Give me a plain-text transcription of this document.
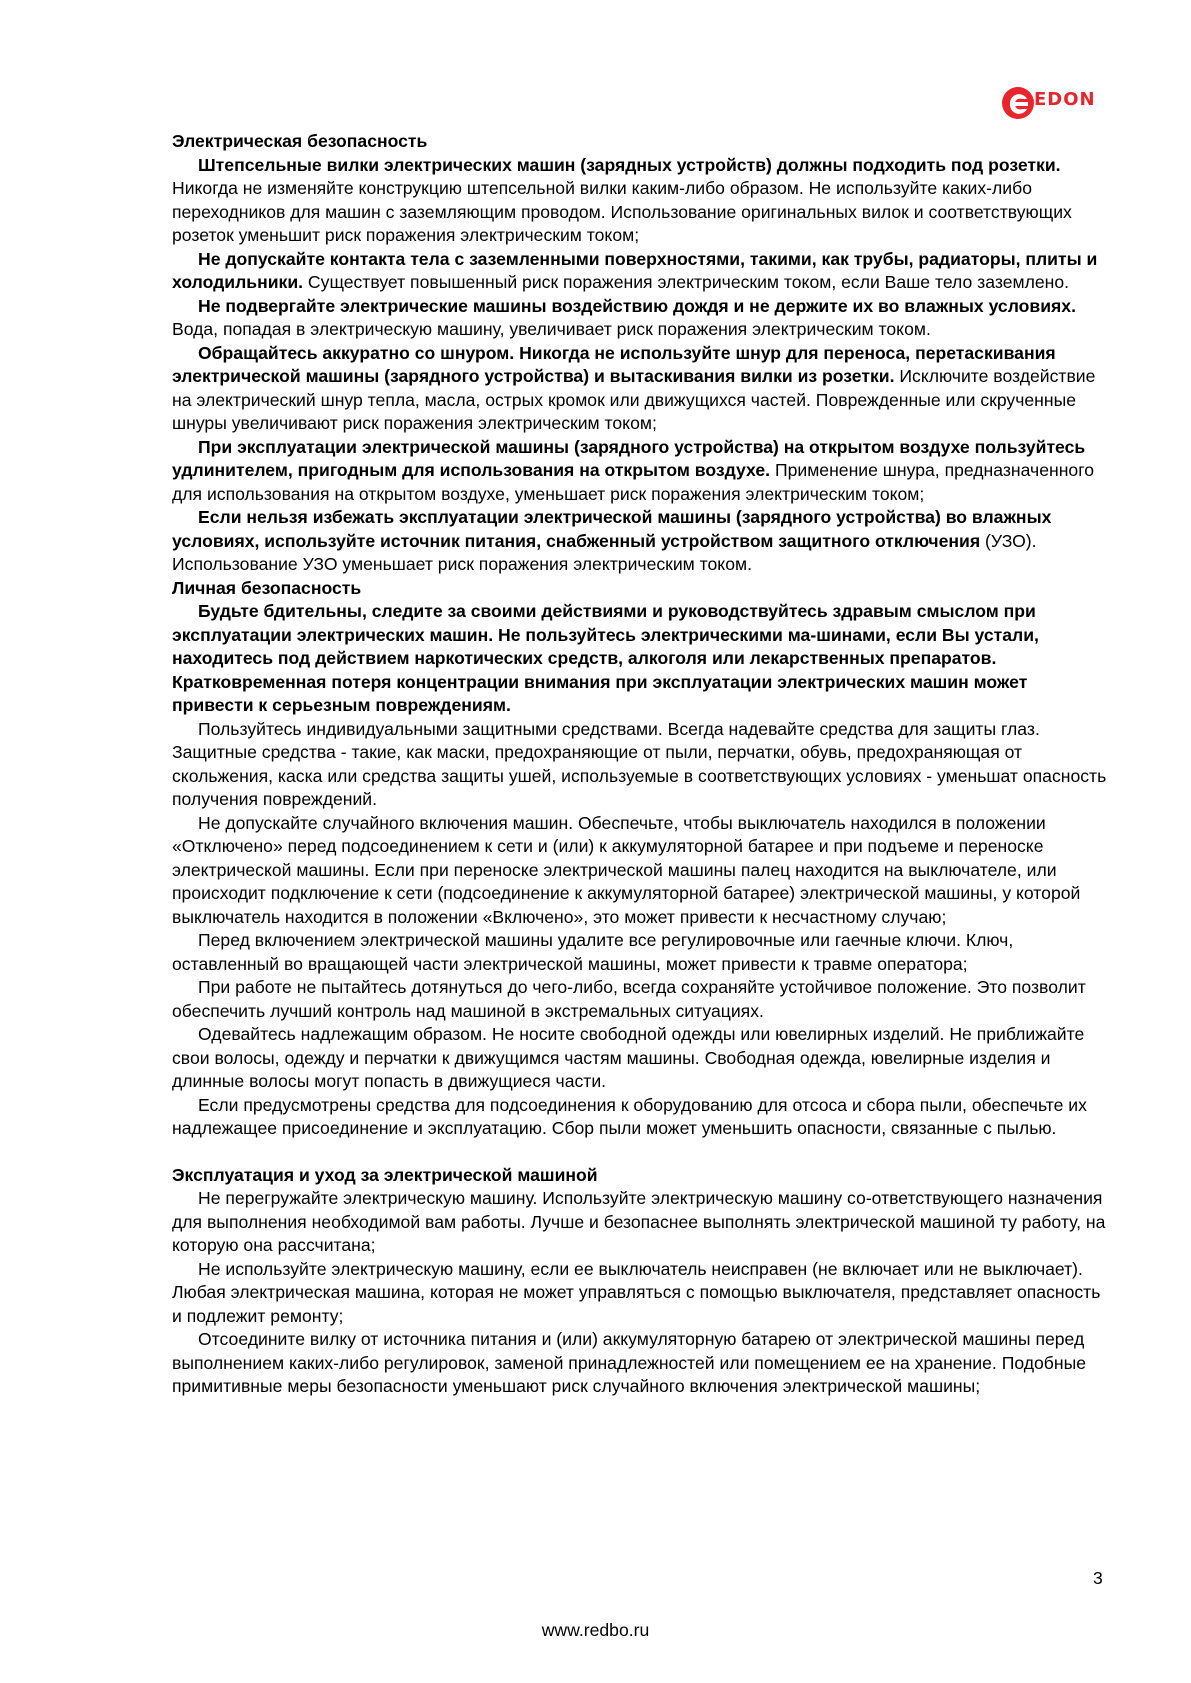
EDON
Электрическая безопасность
Штепсельные вилки электрических машин (зарядных устройств) должны подходить под розетки. Никогда не изменяйте конструкцию штепсельной вилки каким-либо образом. Не используйте каких-либо переходников для машин с заземляющим проводом. Использование оригинальных вилок и соответствующих розеток уменьшит риск поражения электрическим током;
Не допускайте контакта тела с заземленными поверхностями, такими, как трубы, радиаторы, плиты и холодильники. Существует повышенный риск поражения электрическим током, если Ваше тело заземлено.
Не подвергайте электрические машины воздействию дождя и не держите их во влажных условиях. Вода, попадая в электрическую машину, увеличивает риск поражения электрическим током.
Обращайтесь аккуратно со шнуром. Никогда не используйте шнур для переноса, перетаскивания электрической машины (зарядного устройства) и вытаскивания вилки из розетки. Исключите воздействие на электрический шнур тепла, масла, острых кромок или движущихся частей. Поврежденные или скрученные шнуры увеличивают риск поражения электрическим током;
При эксплуатации электрической машины (зарядного устройства) на открытом воздухе пользуйтесь удлинителем, пригодным для использования на открытом воздухе. Применение шнура, предназначенного для использования на открытом воздухе, уменьшает риск поражения электрическим током;
Если нельзя избежать эксплуатации электрической машины (зарядного устройства) во влажных условиях, используйте источник питания, снабженный устройством защитного отключения (УЗО). Использование УЗО уменьшает риск поражения электрическим током.
Личная безопасность
Будьте бдительны, следите за своими действиями и руководствуйтесь здравым смыслом при эксплуатации электрических машин. Не пользуйтесь электрическими ма-шинами, если Вы устали, находитесь под действием наркотических средств, алкоголя или лекарственных препаратов. Кратковременная потеря концентрации внимания при эксплуатации электрических машин может привести к серьезным повреждениям.
Пользуйтесь индивидуальными защитными средствами. Всегда надевайте средства для защиты глаз. Защитные средства - такие, как маски, предохраняющие от пыли, перчатки, обувь, предохраняющая от скольжения, каска или средства защиты ушей, используемые в соответствующих условиях - уменьшат опасность получения повреждений.
Не допускайте случайного включения машин. Обеспечьте, чтобы выключатель находился в положении «Отключено» перед подсоединением к сети и (или) к аккумуляторной батарее и при подъеме и переноске электрической машины. Если при переноске электрической машины палец находится на выключателе, или происходит подключение к сети (подсоединение к аккумуляторной батарее) электрической машины, у которой выключатель находится в положении «Включено», это может привести к несчастному случаю;
Перед включением электрической машины удалите все регулировочные или гаечные ключи. Ключ, оставленный во вращающей части электрической машины, может привести к травме оператора;
При работе не пытайтесь дотянуться до чего-либо, всегда сохраняйте устойчивое положение. Это позволит обеспечить лучший контроль над машиной в экстремальных ситуациях.
Одевайтесь надлежащим образом. Не носите свободной одежды или ювелирных изделий. Не приближайте свои волосы, одежду и перчатки к движущимся частям машины. Свободная одежда, ювелирные изделия и длинные волосы могут попасть в движущиеся части.
Если предусмотрены средства для подсоединения к оборудованию для отсоса и сбора пыли, обеспечьте их надлежащее присоединение и эксплуатацию. Сбор пыли может уменьшить опасности, связанные с пылью.
Эксплуатация и уход за электрической машиной
Не перегружайте электрическую машину. Используйте электрическую машину со-ответствующего назначения для выполнения необходимой вам работы. Лучше и безопаснее выполнять электрической машиной ту работу, на которую она рассчитана;
Не используйте электрическую машину, если ее выключатель неисправен (не включает или не выключает). Любая электрическая машина, которая не может управляться с помощью выключателя, представляет опасность и подлежит ремонту;
Отсоедините вилку от источника питания и (или) аккумуляторную батарею от электрической машины перед выполнением каких-либо регулировок, заменой принадлежностей или помещением ее на хранение. Подобные примитивные меры безопасности уменьшают риск случайного включения электрической машины;
3
www.redbo.ru
